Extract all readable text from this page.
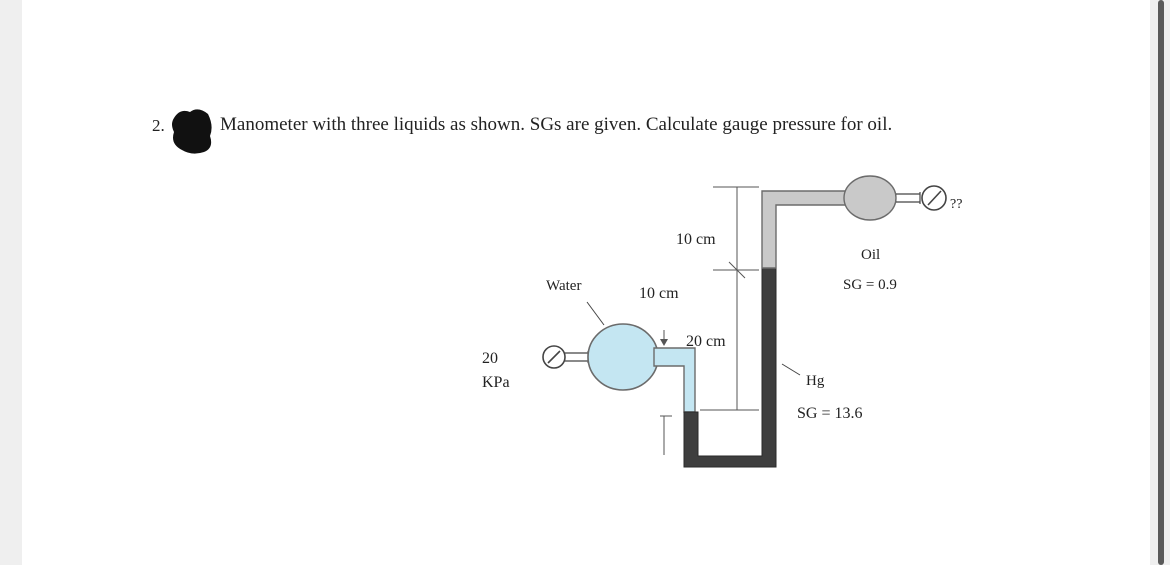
2.	Manometer with three liquids as shown. SGs are given. Calculate gauge pressure for oil.
20
KPa
Water
10 cm
10 cm
20 cm
Oil
SG = 0.9
Hg
SG = 13.6
??
